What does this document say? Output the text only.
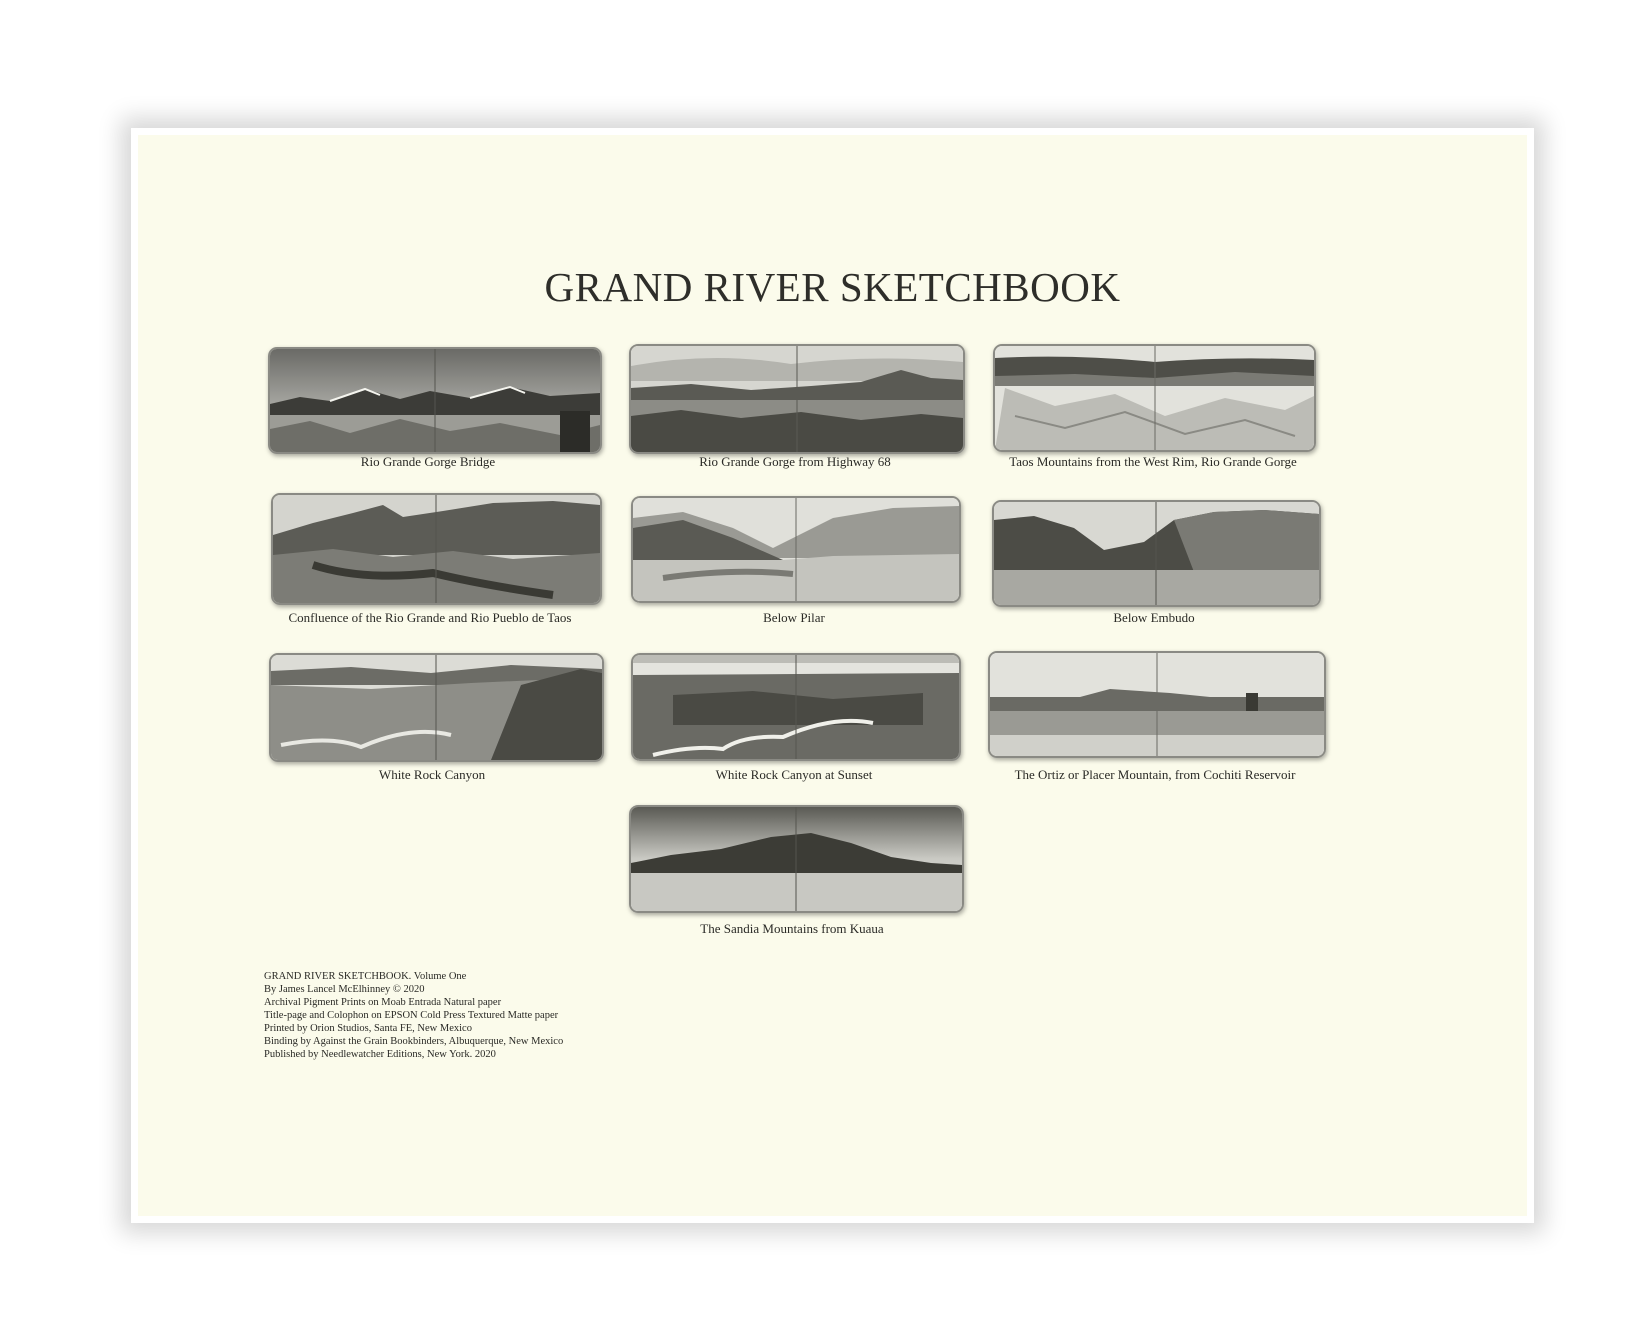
GRAND RIVER SKETCHBOOK
Rio Grande Gorge Bridge	Rio Grande Gorge from Highway 68	Taos Mountains from the West Rim, Rio Grande Gorge
Confluence of the Rio Grande and Rio Pueblo de Taos	Below Pilar	Below Embudo
White Rock Canyon	White Rock Canyon at Sunset	The Ortiz or Placer Mountain, from Cochiti Reservoir
The Sandia Mountains from Kuaua
GRAND RIVER SKETCHBOOK. Volume One
By James Lancel McElhinney © 2020
Archival Pigment Prints on Moab Entrada Natural paper
Title-page and Colophon on EPSON Cold Press Textured Matte paper
Printed by Orion Studios, Santa FE, New Mexico
Binding by Against the Grain Bookbinders, Albuquerque, New Mexico
Published by Needlewatcher Editions, New York. 2020
